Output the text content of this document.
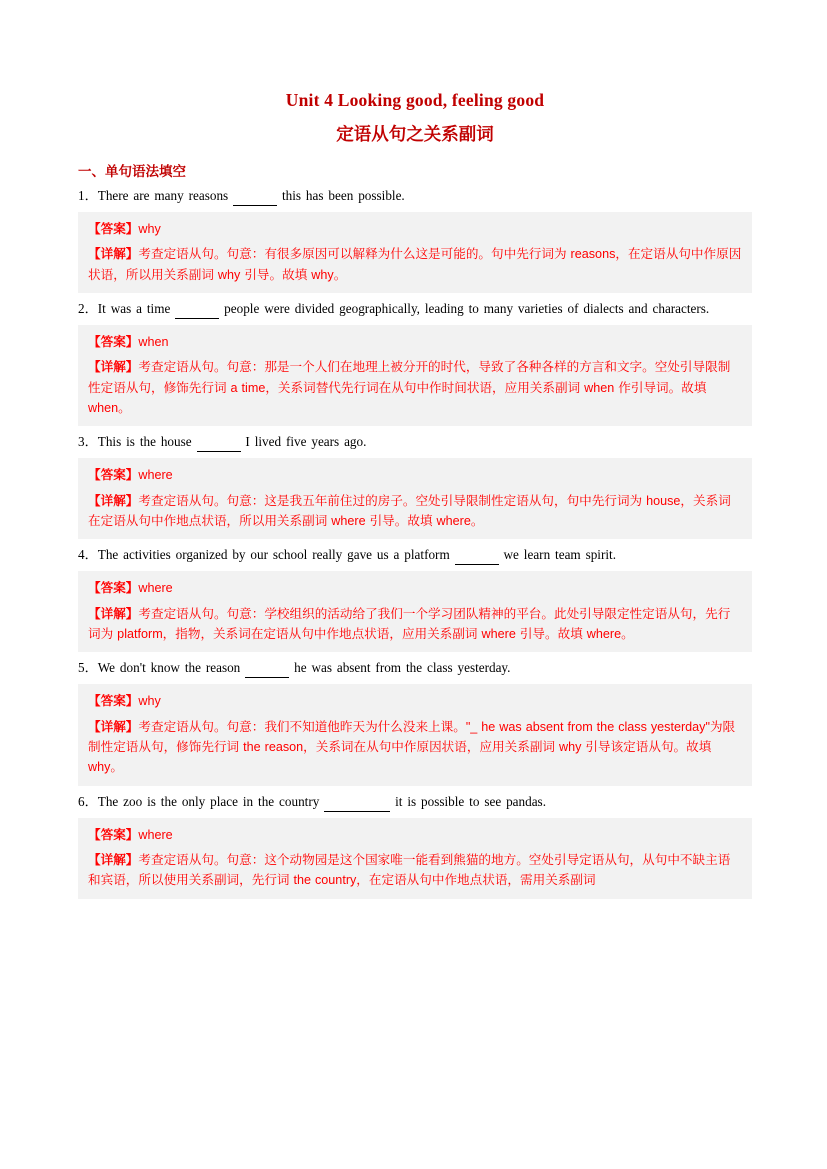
Unit 4 Looking good, feeling good
定语从句之关系副词
一、单句语法填空
1．There are many reasons	this has been possible.
【答案】why
【详解】考查定语从句。句意：有很多原因可以解释为什么这是可能的。句中先行词为 reasons，在定语从句中作原因状语，所以用关系副词 why 引导。故填 why。
2．It was a time	people were divided geographically, leading to many varieties of dialects and characters.
【答案】when
【详解】考查定语从句。句意：那是一个人们在地理上被分开的时代，导致了各种各样的方言和文字。空处引导限制性定语从句，修饰先行词 a time，关系词替代先行词在从句中作时间状语，应用关系副词 when 作引导词。故填 when。
3．This is the house	I lived five years ago.
【答案】where
【详解】考查定语从句。句意：这是我五年前住过的房子。空处引导限制性定语从句，句中先行词为 house，关系词在定语从句中作地点状语，所以用关系副词 where 引导。故填 where。
4．The activities organized by our school really gave us a platform	we learn team spirit.
【答案】where
【详解】考查定语从句。句意：学校组织的活动给了我们一个学习团队精神的平台。此处引导限定性定语从句，先行词为 platform，指物，关系词在定语从句中作地点状语，应用关系副词 where 引导。故填 where。
5．We don't know the reason	he was absent from the class yesterday.
【答案】why
【详解】考查定语从句。句意：我们不知道他昨天为什么没来上课。"_ he was absent from the class yesterday"为限制性定语从句，修饰先行词 the reason，关系词在从句中作原因状语，应用关系副词 why 引导该定语从句。故填 why。
6．The zoo is the only place in the country	it is possible to see pandas.
【答案】where
【详解】考查定语从句。句意：这个动物园是这个国家唯一能看到熊猫的地方。空处引导定语从句，从句中不缺主语和宾语，所以使用关系副词，先行词 the country，在定语从句中作地点状语，需用关系副词
